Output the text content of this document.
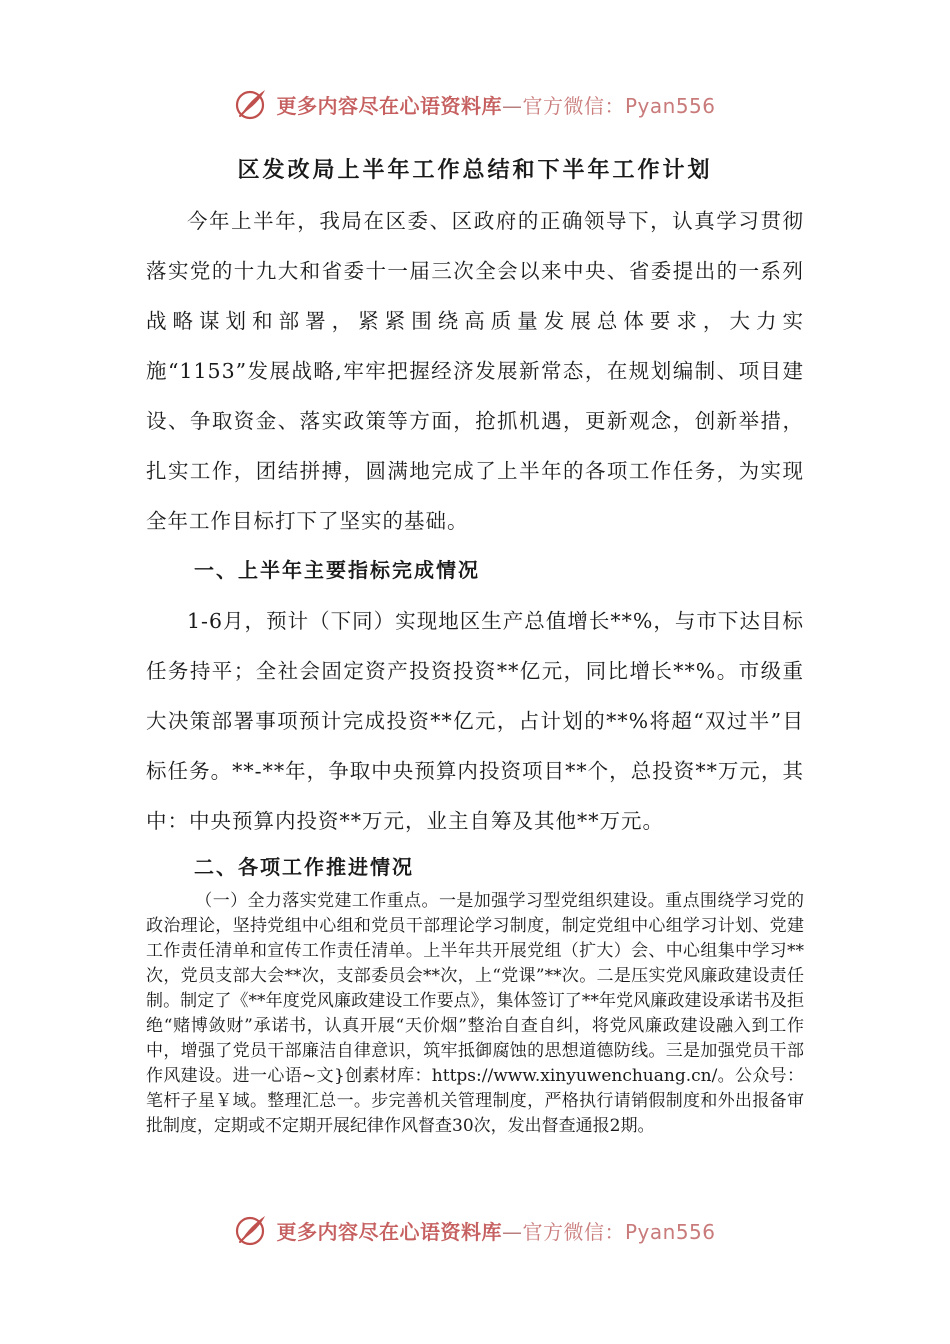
更多内容尽在心语资料库—官方微信：Pyan556
区发改局上半年工作总结和下半年工作计划

今年上半年，我局在区委、区政府的正确领导下，认真学习贯彻落实党的十九大和省委十一届三次全会以来中央、省委提出的一系列战略谋划和部署，紧紧围绕高质量发展总体要求，大力实施“1153”发展战略,牢牢把握经济发展新常态，在规划编制、项目建设、争取资金、落实政策等方面，抢抓机遇，更新观念，创新举措，扎实工作，团结拼搏，圆满地完成了上半年的各项工作任务，为实现全年工作目标打下了坚实的基础。

一、上半年主要指标完成情况

1-6月，预计（下同）实现地区生产总值增长**%，与市下达目标任务持平；全社会固定资产投资投资**亿元，同比增长**%。市级重大决策部署事项预计完成投资**亿元，占计划的**%将超“双过半”目标任务。**-**年，争取中央预算内投资项目**个，总投资**万元，其中：中央预算内投资**万元，业主自筹及其他**万元。

二、各项工作推进情况

（一）全力落实党建工作重点。一是加强学习型党组织建设。重点围绕学习党的政治理论，坚持党组中心组和党员干部理论学习制度，制定党组中心组学习计划、党建工作责任清单和宣传工作责任清单。上半年共开展党组（扩大）会、中心组集中学习**次，党员支部大会**次，支部委员会**次，上“党课”**次。二是压实党风廉政建设责任制。制定了《**年度党风廉政建设工作要点》，集体签订了**年党风廉政建设承诺书及拒绝“赌博敛财”承诺书，认真开展“天价烟”整治自查自纠，将党风廉政建设融入到工作中，增强了党员干部廉洁自律意识，筑牢抵御腐蚀的思想道德防线。三是加强党员干部作风建设。进一心语~文}创素材库：https://www.xinyuwenchuang.cn/。公众号：笔杆子星￥域。整理汇总一。步完善机关管理制度，严格执行请销假制度和外出报备审批制度，定期或不定期开展纪律作风督查30次，发出督查通报2期。

更多内容尽在心语资料库—官方微信：Pyan556
